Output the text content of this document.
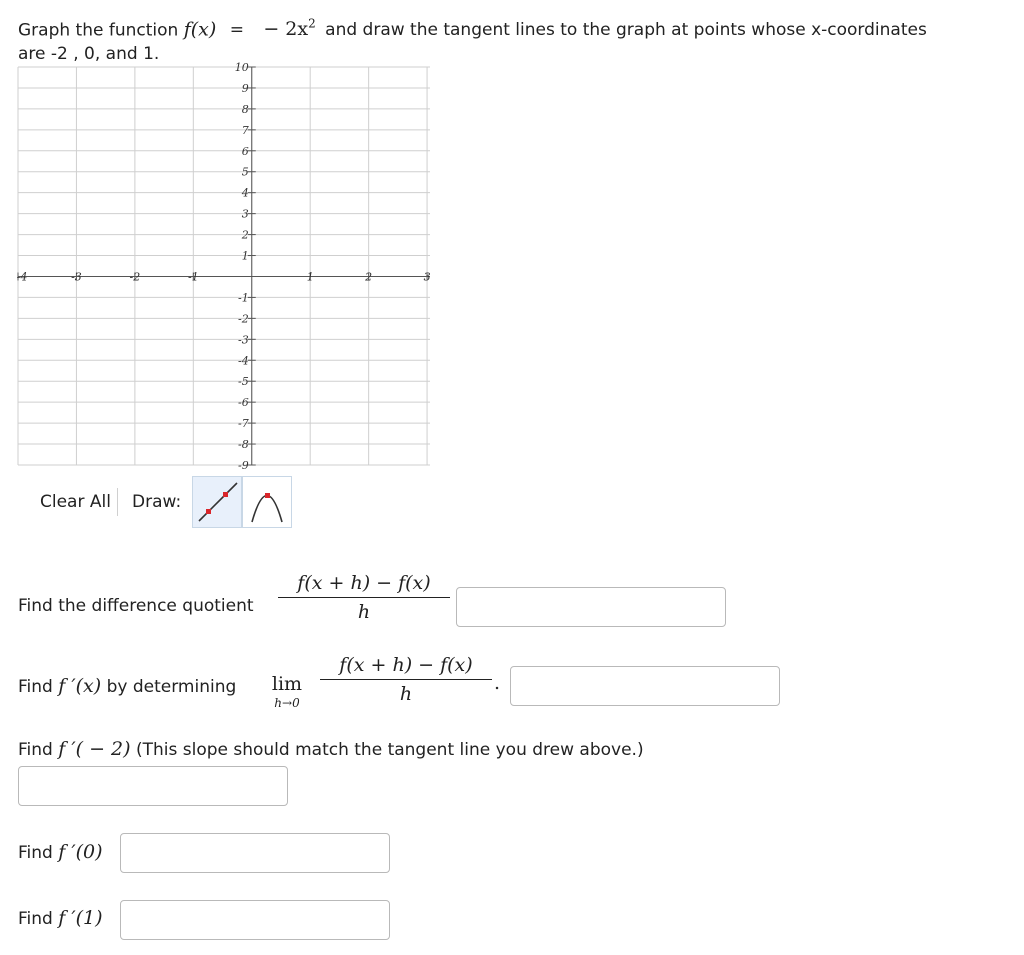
Graph the function f(x) = − $2x^2$ and draw the tangent lines to the graph at points whose x-coordinates
are -2 , 0, and 1.
-4	-3	-2	-1	1	2	3
10
9
8
7
6
5
4
3
2
1
-1
-2
-3
-4
-5
-6
-7
-8
-9
Clear All	Draw:
Find the difference quotient
f(x + h) − f(x)
h
Find f ′(x) by determining lim
h→0
f(x + h) − f(x)
h	.
Find f ′( − 2) (This slope should match the tangent line you drew above.)
Find f ′(0)
Find f ′(1)
